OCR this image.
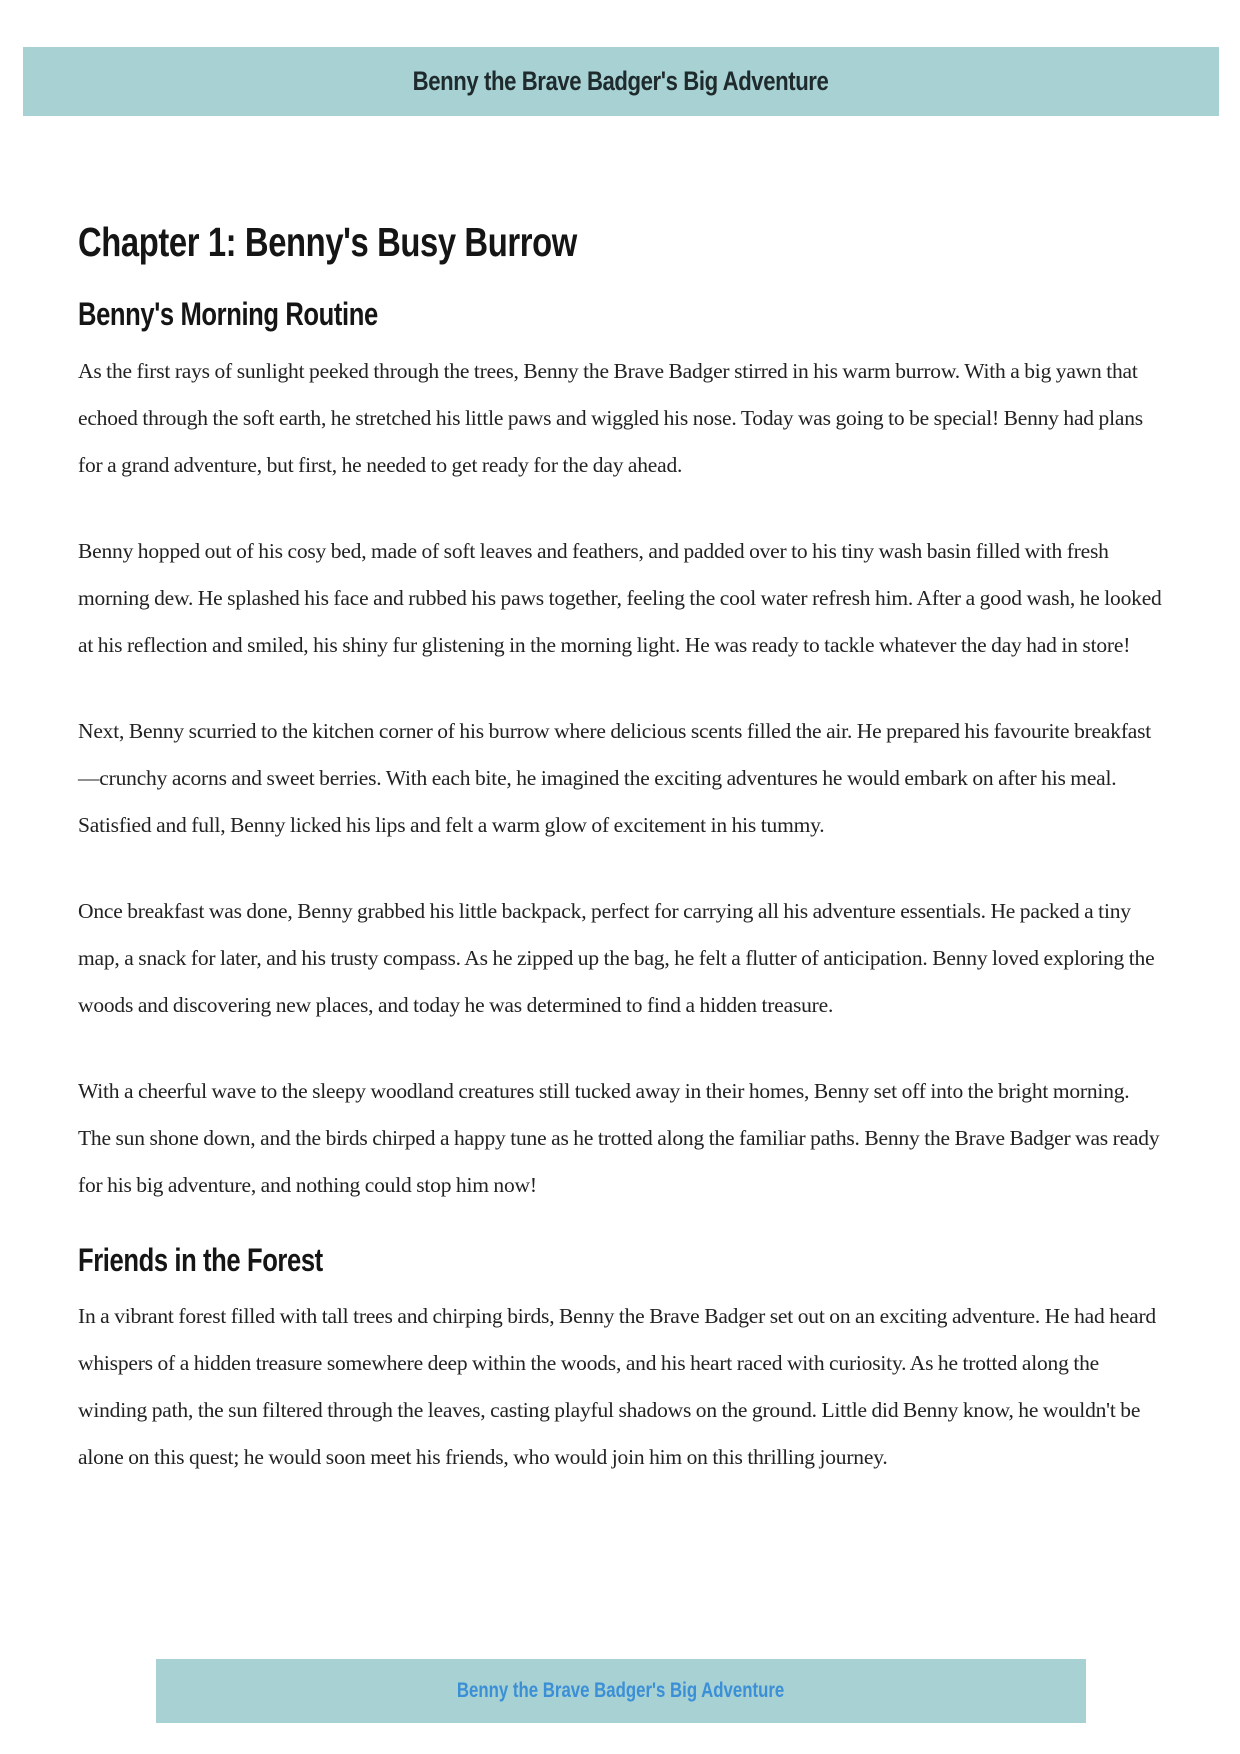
Benny the Brave Badger's Big Adventure
Chapter 1: Benny's Busy Burrow
Benny's Morning Routine

As the first rays of sunlight peeked through the trees, Benny the Brave Badger stirred in his warm burrow. With a big yawn that echoed through the soft earth, he stretched his little paws and wiggled his nose. Today was going to be special! Benny had plans for a grand adventure, but first, he needed to get ready for the day ahead.

Benny hopped out of his cosy bed, made of soft leaves and feathers, and padded over to his tiny wash basin filled with fresh morning dew. He splashed his face and rubbed his paws together, feeling the cool water refresh him. After a good wash, he looked at his reflection and smiled, his shiny fur glistening in the morning light. He was ready to tackle whatever the day had in store!

Next, Benny scurried to the kitchen corner of his burrow where delicious scents filled the air. He prepared his favourite breakfast—crunchy acorns and sweet berries. With each bite, he imagined the exciting adventures he would embark on after his meal. Satisfied and full, Benny licked his lips and felt a warm glow of excitement in his tummy.

Once breakfast was done, Benny grabbed his little backpack, perfect for carrying all his adventure essentials. He packed a tiny map, a snack for later, and his trusty compass. As he zipped up the bag, he felt a flutter of anticipation. Benny loved exploring the woods and discovering new places, and today he was determined to find a hidden treasure.

With a cheerful wave to the sleepy woodland creatures still tucked away in their homes, Benny set off into the bright morning. The sun shone down, and the birds chirped a happy tune as he trotted along the familiar paths. Benny the Brave Badger was ready for his big adventure, and nothing could stop him now!

Friends in the Forest

In a vibrant forest filled with tall trees and chirping birds, Benny the Brave Badger set out on an exciting adventure. He had heard whispers of a hidden treasure somewhere deep within the woods, and his heart raced with curiosity. As he trotted along the winding path, the sun filtered through the leaves, casting playful shadows on the ground. Little did Benny know, he wouldn't be alone on this quest; he would soon meet his friends, who would join him on this thrilling journey.

Benny the Brave Badger's Big Adventure
